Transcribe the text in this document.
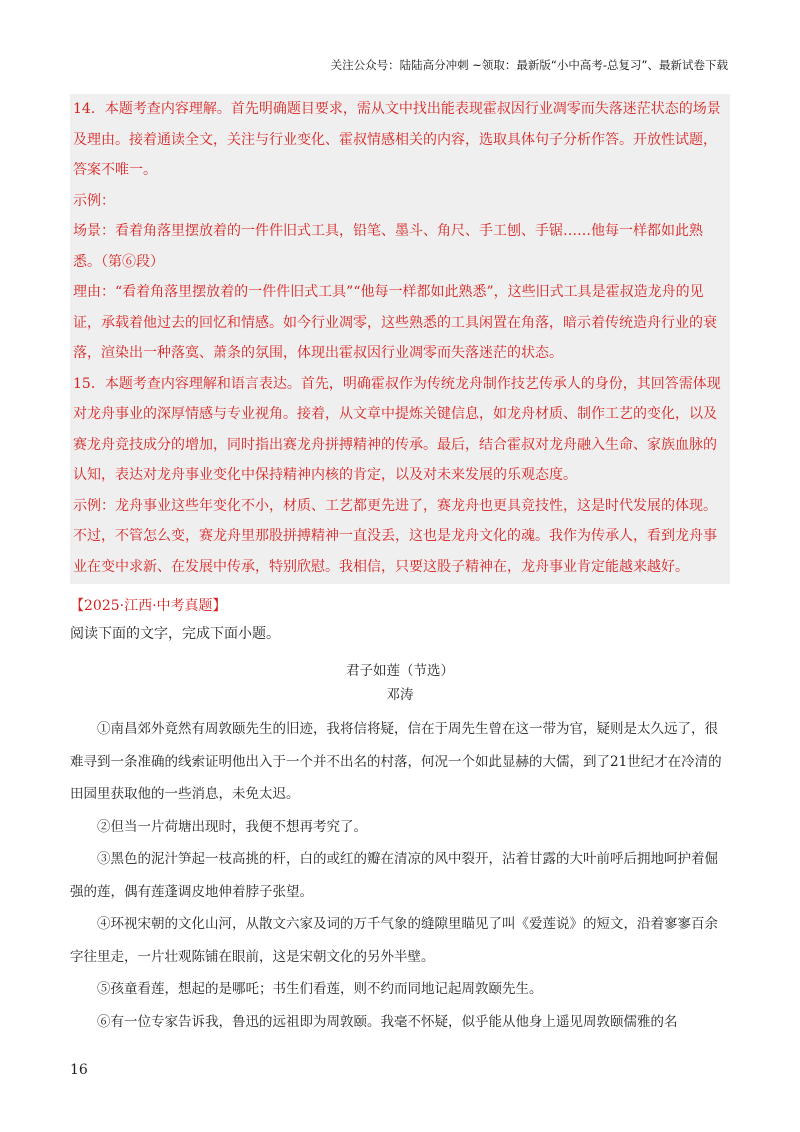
关注公众号：陆陆高分冲刺 ~领取：最新版“小中高考-总复习”、最新试卷下载

14．本题考查内容理解。首先明确题目要求，需从文中找出能表现霍叔因行业凋零而失落迷茫状态的场景及理由。接着通读全文，关注与行业变化、霍叔情感相关的内容，选取具体句子分析作答。开放性试题，答案不唯一。

示例：

场景：看着角落里摆放着的一件件旧式工具，铅笔、墨斗、角尺、手工刨、手锯……他每一样都如此熟悉。（第⑥段）

理由：“看着角落里摆放着的一件件旧式工具”“他每一样都如此熟悉”，这些旧式工具是霍叔造龙舟的见证，承载着他过去的回忆和情感。如今行业凋零，这些熟悉的工具闲置在角落，暗示着传统造舟行业的衰落，渲染出一种落寞、萧条的氛围，体现出霍叔因行业凋零而失落迷茫的状态。

15．本题考查内容理解和语言表达。首先，明确霍叔作为传统龙舟制作技艺传承人的身份，其回答需体现对龙舟事业的深厚情感与专业视角。接着，从文章中提炼关键信息，如龙舟材质、制作工艺的变化，以及赛龙舟竞技成分的增加，同时指出赛龙舟拼搏精神的传承。最后，结合霍叔对龙舟融入生命、家族血脉的认知，表达对龙舟事业变化中保持精神内核的肯定，以及对未来发展的乐观态度。

示例：龙舟事业这些年变化不小，材质、工艺都更先进了，赛龙舟也更具竞技性，这是时代发展的体现。不过，不管怎么变，赛龙舟里那股拼搏精神一直没丢，这也是龙舟文化的魂。我作为传承人，看到龙舟事业在变中求新、在发展中传承，特别欣慰。我相信，只要这股子精神在，龙舟事业肯定能越来越好。

【2025·江西·中考真题】
阅读下面的文字，完成下面小题。
君子如莲（节选）
邓涛

①南昌郊外竟然有周敦颐先生的旧迹，我将信将疑，信在于周先生曾在这一带为官，疑则是太久远了，很难寻到一条准确的线索证明他出入于一个并不出名的村落，何况一个如此显赫的大儒，到了21世纪才在冷清的田园里获取他的一些消息，未免太迟。

②但当一片荷塘出现时，我便不想再考究了。

③黑色的泥汁笋起一枝高挑的杆，白的或红的瓣在清凉的风中裂开，沾着甘露的大叶前呼后拥地呵护着倔强的莲，偶有莲蓬调皮地伸着脖子张望。

④环视宋朝的文化山河，从散文六家及词的万千气象的缝隙里瞄见了叫《爱莲说》的短文，沿着寥寥百余字往里走，一片壮观陈铺在眼前，这是宋朝文化的另外半壁。

⑤孩童看莲，想起的是哪吒；书生们看莲，则不约而同地记起周敦颐先生。

⑥有一位专家告诉我，鲁迅的远祖即为周敦颐。我毫不怀疑，似乎能从他身上遥见周敦颐儒雅的名

16
